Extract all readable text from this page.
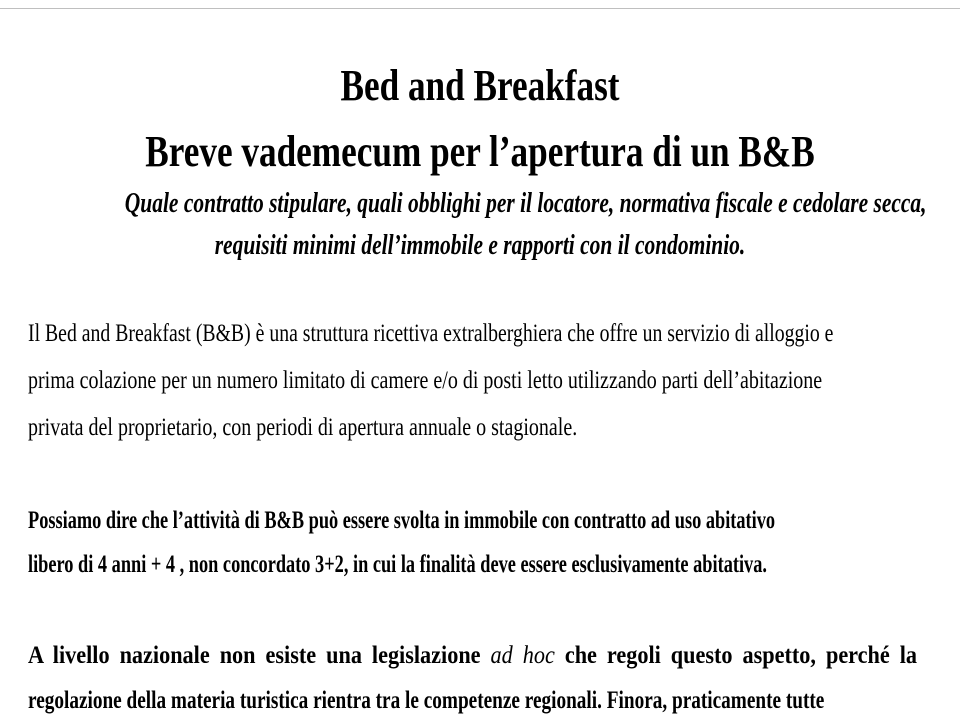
Bed and Breakfast
Breve vademecum per l’apertura di un B&B
Quale contratto stipulare, quali obblighi per il locatore, normativa fiscale e cedolare secca,
requisiti minimi dell’immobile e rapporti con il condominio.
Il Bed and Breakfast (B&B) è una struttura ricettiva extralberghiera che offre un servizio di alloggio e
prima colazione per un numero limitato di camere e/o di posti letto utilizzando parti dell’abitazione
privata del proprietario, con periodi di apertura annuale o stagionale.
Possiamo dire che l’attività di B&B può essere svolta in immobile con contratto ad uso abitativo
libero di 4 anni + 4 , non concordato 3+2, in cui la finalità deve essere esclusivamente abitativa.
A livello nazionale non esiste una legislazione ad hoc che regoli questo aspetto, perché la
regolazione della materia turistica rientra tra le competenze regionali. Finora, praticamente tutte
